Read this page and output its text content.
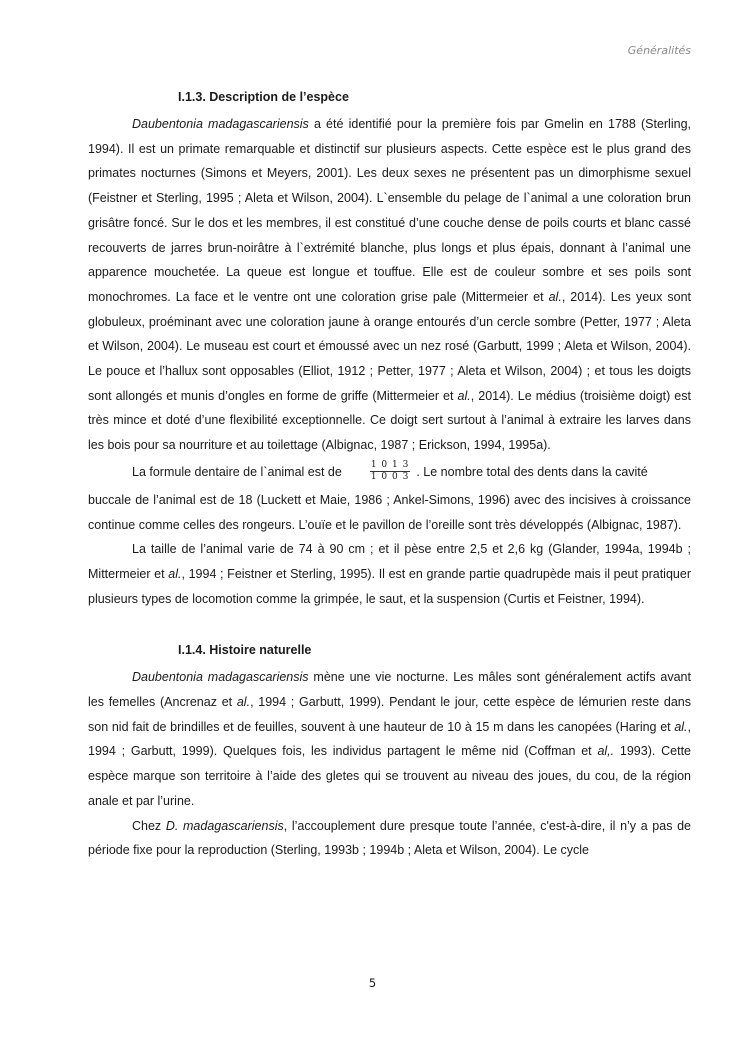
Généralités
I.1.3. Description de l’espèce

Daubentonia madagascariensis a été identifié pour la première fois par Gmelin en 1788 (Sterling, 1994). Il est un primate remarquable et distinctif sur plusieurs aspects. Cette espèce est le plus grand des primates nocturnes (Simons et Meyers, 2001). Les deux sexes ne présentent pas un dimorphisme sexuel (Feistner et Sterling, 1995 ; Aleta et Wilson, 2004). L`ensemble du pelage de l`animal a une coloration brun grisâtre foncé. Sur le dos et les membres, il est constitué d’une couche dense de poils courts et blanc cassé recouverts de jarres brun-noirâtre à l`extrémité blanche, plus longs et plus épais, donnant à l’animal une apparence mouchetée. La queue est longue et touffue. Elle est de couleur sombre et ses poils sont monochromes. La face et le ventre ont une coloration grise pale (Mittermeier et al., 2014). Les yeux sont globuleux, proéminant avec une coloration jaune à orange entourés d’un cercle sombre (Petter, 1977 ; Aleta et Wilson, 2004). Le museau est court et émoussé avec un nez rosé (Garbutt, 1999 ; Aleta et Wilson, 2004). Le pouce et l’hallux sont opposables (Elliot, 1912 ; Petter, 1977 ; Aleta et Wilson, 2004) ; et tous les doigts sont allongés et munis d’ongles en forme de griffe (Mittermeier et al., 2014). Le médius (troisième doigt) est très mince et doté d’une flexibilité exceptionnelle. Ce doigt sert surtout à l’animal à extraire les larves dans les bois pour sa nourriture et au toilettage (Albignac, 1987 ; Erickson, 1994, 1995a).

La formule dentaire de l`animal est de	$\frac{1 0 1 3}{1 0 0 3}$ . Le nombre total des dents dans la cavité

buccale de l’animal est de 18 (Luckett et Maie, 1986 ; Ankel-Simons, 1996) avec des incisives à croissance continue comme celles des rongeurs. L’ouïe et le pavillon de l’oreille sont très développés (Albignac, 1987).

La taille de l’animal varie de 74 à 90 cm ; et il pèse entre 2,5 et 2,6 kg (Glander, 1994a, 1994b ; Mittermeier et al., 1994 ; Feistner et Sterling, 1995). Il est en grande partie quadrupède mais il peut pratiquer plusieurs types de locomotion comme la grimpée, le saut, et la suspension (Curtis et Feistner, 1994).

I.1.4. Histoire naturelle

Daubentonia madagascariensis mène une vie nocturne. Les mâles sont généralement actifs avant les femelles (Ancrenaz et al., 1994 ; Garbutt, 1999). Pendant le jour, cette espèce de lémurien reste dans son nid fait de brindilles et de feuilles, souvent à une hauteur de 10 à 15 m dans les canopées (Haring et al., 1994 ; Garbutt, 1999). Quelques fois, les individus partagent le même nid (Coffman et al,. 1993). Cette espèce marque son territoire à l’aide des gletes qui se trouvent au niveau des joues, du cou, de la région anale et par l’urine.

Chez D. madagascariensis, l’accouplement dure presque toute l’année, c'est-à-dire, il n’y a pas de période fixe pour la reproduction (Sterling, 1993b ; 1994b ; Aleta et Wilson, 2004). Le cycle

5
